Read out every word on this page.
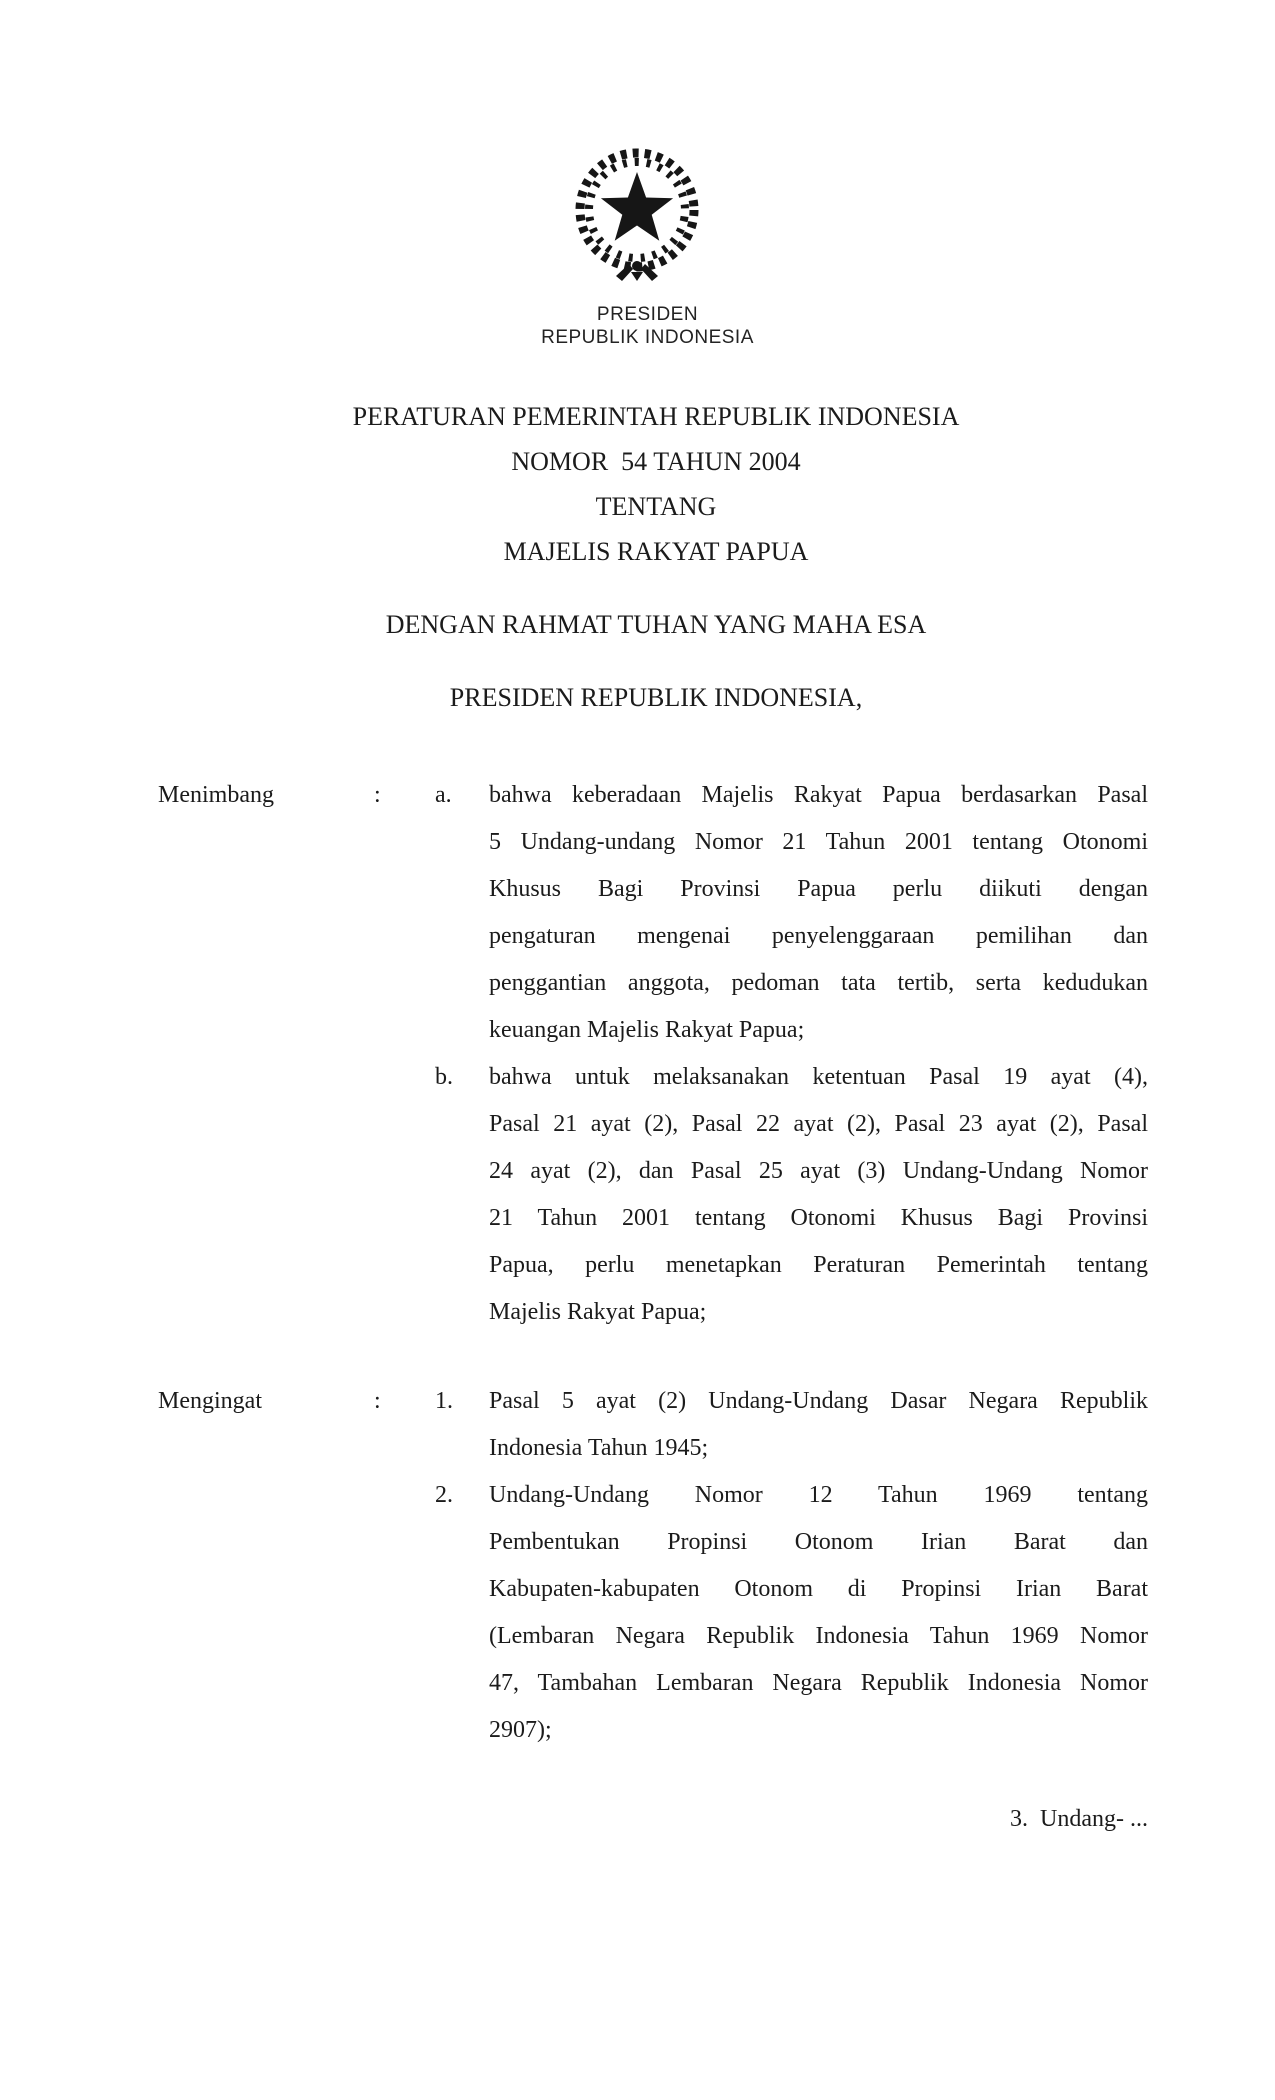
PRESIDEN
REPUBLIK INDONESIA
PERATURAN PEMERINTAH REPUBLIK INDONESIA
NOMOR  54 TAHUN 2004
TENTANG
MAJELIS RAKYAT PAPUA
DENGAN RAHMAT TUHAN YANG MAHA ESA
PRESIDEN REPUBLIK INDONESIA,
Menimbang	: a. bahwa keberadaan Majelis Rakyat Papua berdasarkan Pasal
5 Undang-undang Nomor 21 Tahun 2001 tentang Otonomi
Khusus Bagi Provinsi Papua perlu diikuti dengan
pengaturan mengenai penyelenggaraan pemilihan dan
penggantian anggota, pedoman tata tertib, serta kedudukan
keuangan Majelis Rakyat Papua;
b. bahwa untuk melaksanakan ketentuan Pasal 19 ayat (4),
Pasal 21 ayat (2), Pasal 22 ayat (2), Pasal 23 ayat (2), Pasal
24 ayat (2), dan Pasal 25 ayat (3) Undang-Undang Nomor
21 Tahun 2001 tentang Otonomi Khusus Bagi Provinsi
Papua, perlu menetapkan Peraturan Pemerintah tentang
Majelis Rakyat Papua;
Mengingat	: 1. Pasal 5 ayat (2) Undang-Undang Dasar Negara Republik
Indonesia Tahun 1945;
2. Undang-Undang Nomor 12 Tahun 1969 tentang
Pembentukan Propinsi Otonom Irian Barat dan
Kabupaten-kabupaten Otonom di Propinsi Irian Barat
(Lembaran Negara Republik Indonesia Tahun 1969 Nomor
47, Tambahan Lembaran Negara Republik Indonesia Nomor
2907);
3.  Undang- ...
